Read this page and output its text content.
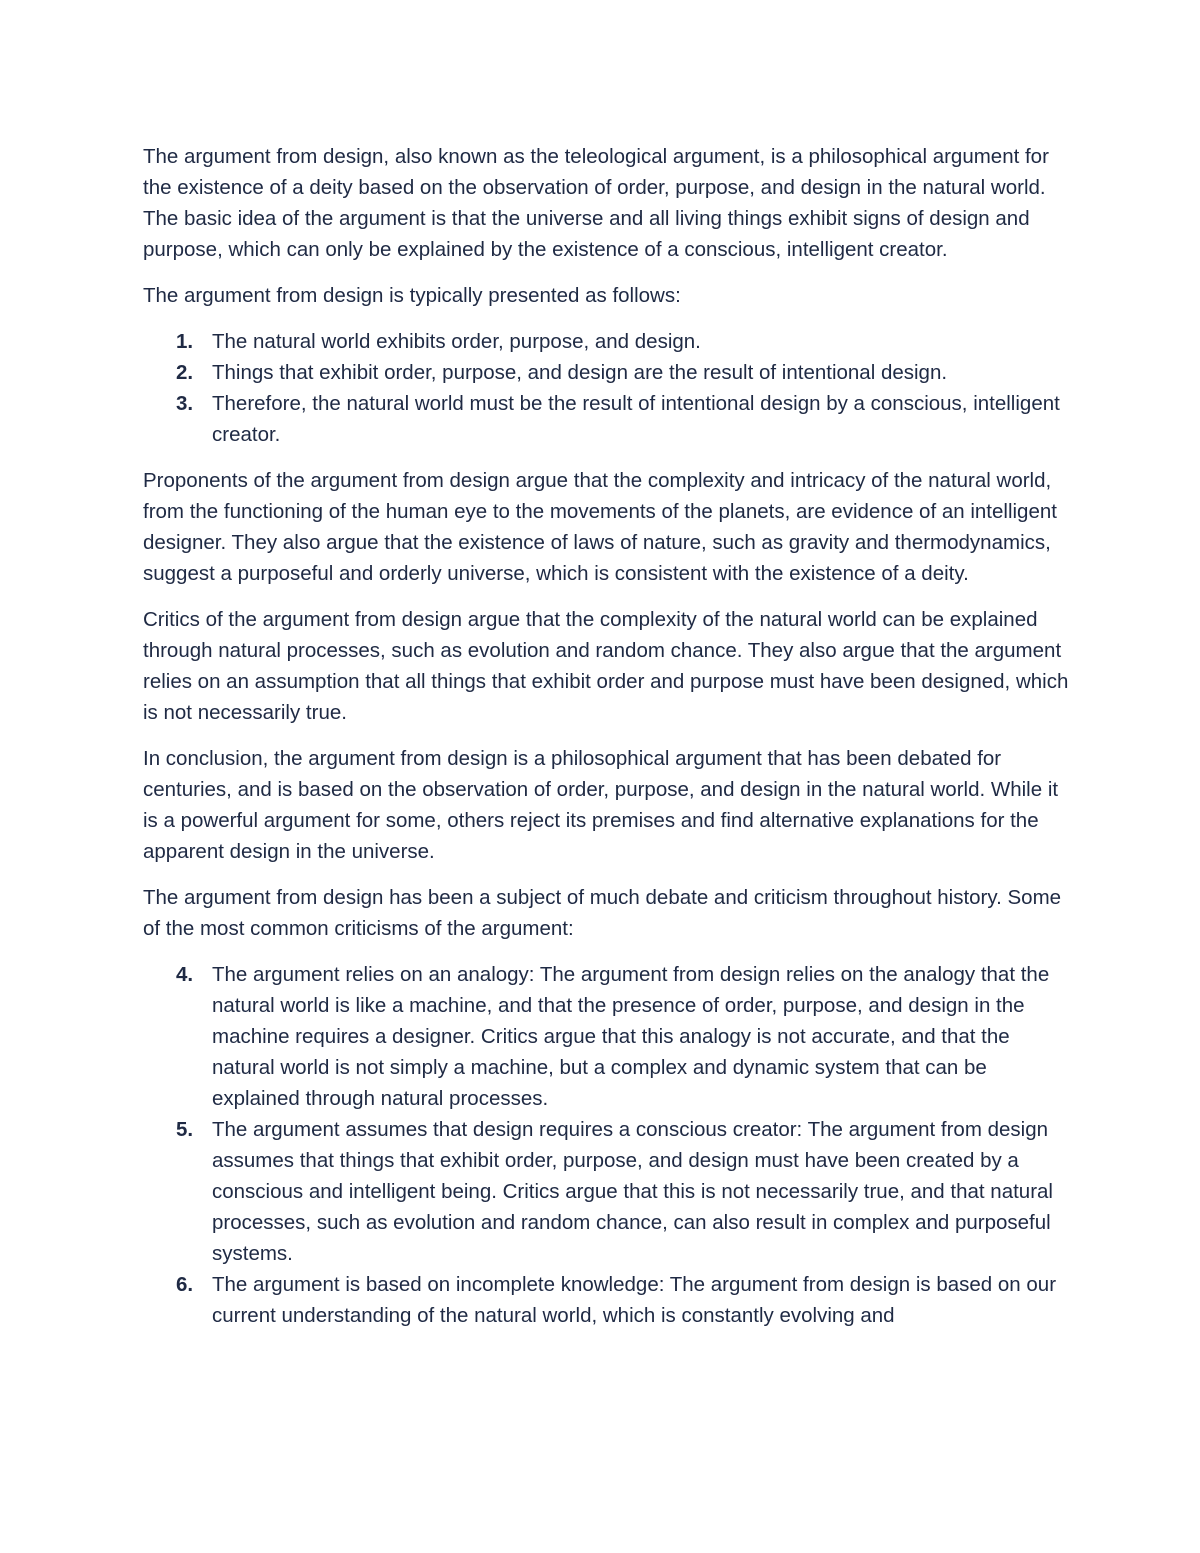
The argument from design, also known as the teleological argument, is a philosophical argument for the existence of a deity based on the observation of order, purpose, and design in the natural world. The basic idea of the argument is that the universe and all living things exhibit signs of design and purpose, which can only be explained by the existence of a conscious, intelligent creator.

The argument from design is typically presented as follows:

1. The natural world exhibits order, purpose, and design.
2. Things that exhibit order, purpose, and design are the result of intentional design.
3. Therefore, the natural world must be the result of intentional design by a conscious, intelligent creator.

Proponents of the argument from design argue that the complexity and intricacy of the natural world, from the functioning of the human eye to the movements of the planets, are evidence of an intelligent designer. They also argue that the existence of laws of nature, such as gravity and thermodynamics, suggest a purposeful and orderly universe, which is consistent with the existence of a deity.

Critics of the argument from design argue that the complexity of the natural world can be explained through natural processes, such as evolution and random chance. They also argue that the argument relies on an assumption that all things that exhibit order and purpose must have been designed, which is not necessarily true.

In conclusion, the argument from design is a philosophical argument that has been debated for centuries, and is based on the observation of order, purpose, and design in the natural world. While it is a powerful argument for some, others reject its premises and find alternative explanations for the apparent design in the universe.

The argument from design has been a subject of much debate and criticism throughout history. Some of the most common criticisms of the argument:

4. The argument relies on an analogy: The argument from design relies on the analogy that the natural world is like a machine, and that the presence of order, purpose, and design in the machine requires a designer. Critics argue that this analogy is not accurate, and that the natural world is not simply a machine, but a complex and dynamic system that can be explained through natural processes.
5. The argument assumes that design requires a conscious creator: The argument from design assumes that things that exhibit order, purpose, and design must have been created by a conscious and intelligent being. Critics argue that this is not necessarily true, and that natural processes, such as evolution and random chance, can also result in complex and purposeful systems.
6. The argument is based on incomplete knowledge: The argument from design is based on our current understanding of the natural world, which is constantly evolving and
